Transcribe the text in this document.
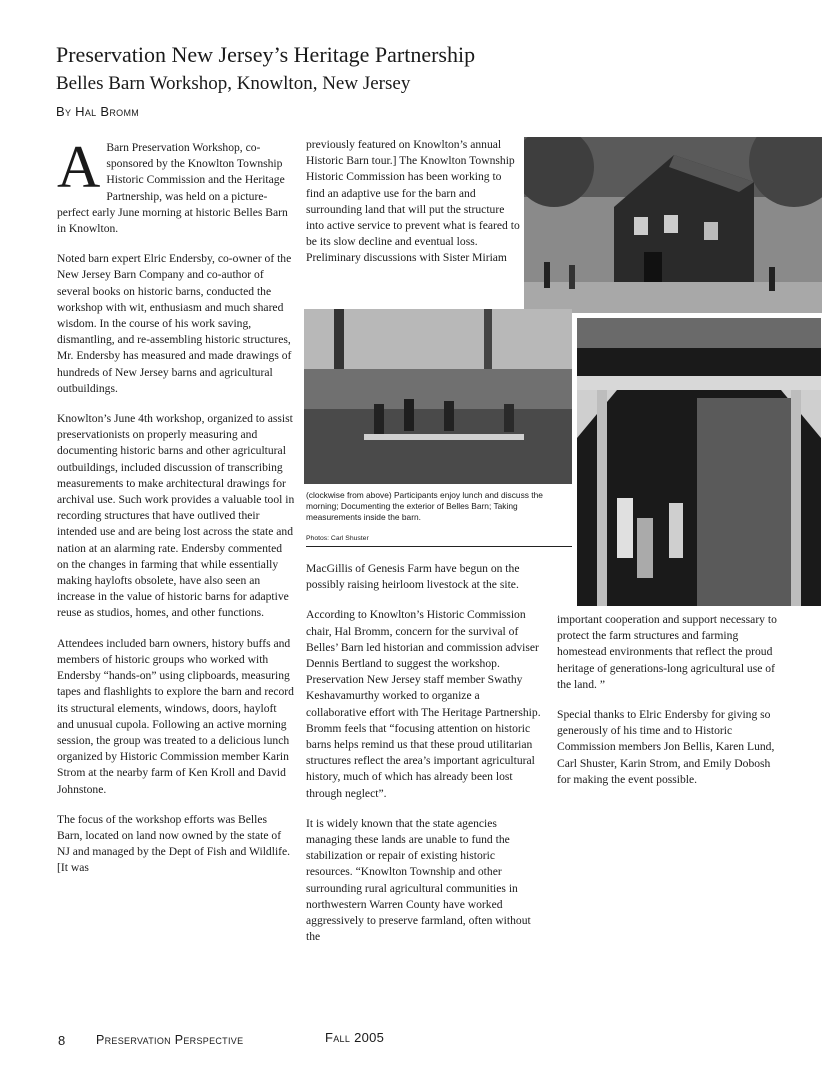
Preservation New Jersey’s Heritage Partnership
Belles Barn Workshop, Knowlton, New Jersey
By Hal Bromm

A Barn Preservation Workshop, co-sponsored by the Knowlton Township Historic Commission and the Heritage Partnership, was held on a picture-perfect early June morning at historic Belles Barn in Knowlton.

Noted barn expert Elric Endersby, co-owner of the New Jersey Barn Company and co-author of several books on historic barns, conducted the workshop with wit, enthusiasm and much shared wisdom. In the course of his work saving, dismantling, and re-assembling historic structures, Mr. Endersby has measured and made drawings of hundreds of New Jersey barns and agricultural outbuildings.

Knowlton’s June 4th workshop, organized to assist preservationists on properly measuring and documenting historic barns and other agricultural outbuildings, included discussion of transcribing measurements to make architectural drawings for archival use. Such work provides a valuable tool in recording structures that have outlived their intended use and are being lost across the state and nation at an alarming rate. Endersby commented on the changes in farming that while essentially making haylofts obsolete, have also seen an increase in the value of historic barns for adaptive reuse as studios, homes, and other functions.

Attendees included barn owners, history buffs and members of historic groups who worked with Endersby “hands-on” using clipboards, measuring tapes and flashlights to explore the barn and record its structural elements, windows, doors, hayloft and unusual cupola. Following an active morning session, the group was treated to a delicious lunch organized by Historic Commission member Karin Strom at the nearby farm of Ken Kroll and David Johnstone.

The focus of the workshop efforts was Belles Barn, located on land now owned by the state of NJ and managed by the Dept of Fish and Wildlife. [It was

previously featured on Knowlton’s annual Historic Barn tour.] The Knowlton Township Historic Commission has been working to find an adaptive use for the barn and surrounding land that will put the structure into active service to prevent what is feared to be its slow decline and eventual loss. Preliminary discussions with Sister Miriam

(clockwise from above) Participants enjoy lunch and discuss the morning; Documenting the exterior of Belles Barn; Taking measurements inside the barn.
Photos: Carl Shuster

MacGillis of Genesis Farm have begun on the possibly raising heirloom livestock at the site.

According to Knowlton’s Historic Commission chair, Hal Bromm, concern for the survival of Belles’ Barn led historian and commission adviser Dennis Bertland to suggest the workshop. Preservation New Jersey staff member Swathy Keshavamurthy worked to organize a collaborative effort with The Heritage Partnership. Bromm feels that “focusing attention on historic barns helps remind us that these proud utilitarian structures reflect the area’s important agricultural history, much of which has already been lost through neglect”.

It is widely known that the state agencies managing these lands are unable to fund the stabilization or repair of existing historic resources. “Knowlton Township and other surrounding rural agricultural communities in northwestern Warren County have worked aggressively to preserve farmland, often without the

important cooperation and support necessary to protect the farm structures and farming homestead environments that reflect the proud heritage of generations-long agricultural use of the land. ”

Special thanks to Elric Endersby for giving so generously of his time and to Historic Commission members Jon Bellis, Karen Lund, Carl Shuster, Karin Strom, and Emily Dobosh for making the event possible.

8 Preservation Perspective	Fall 2005
